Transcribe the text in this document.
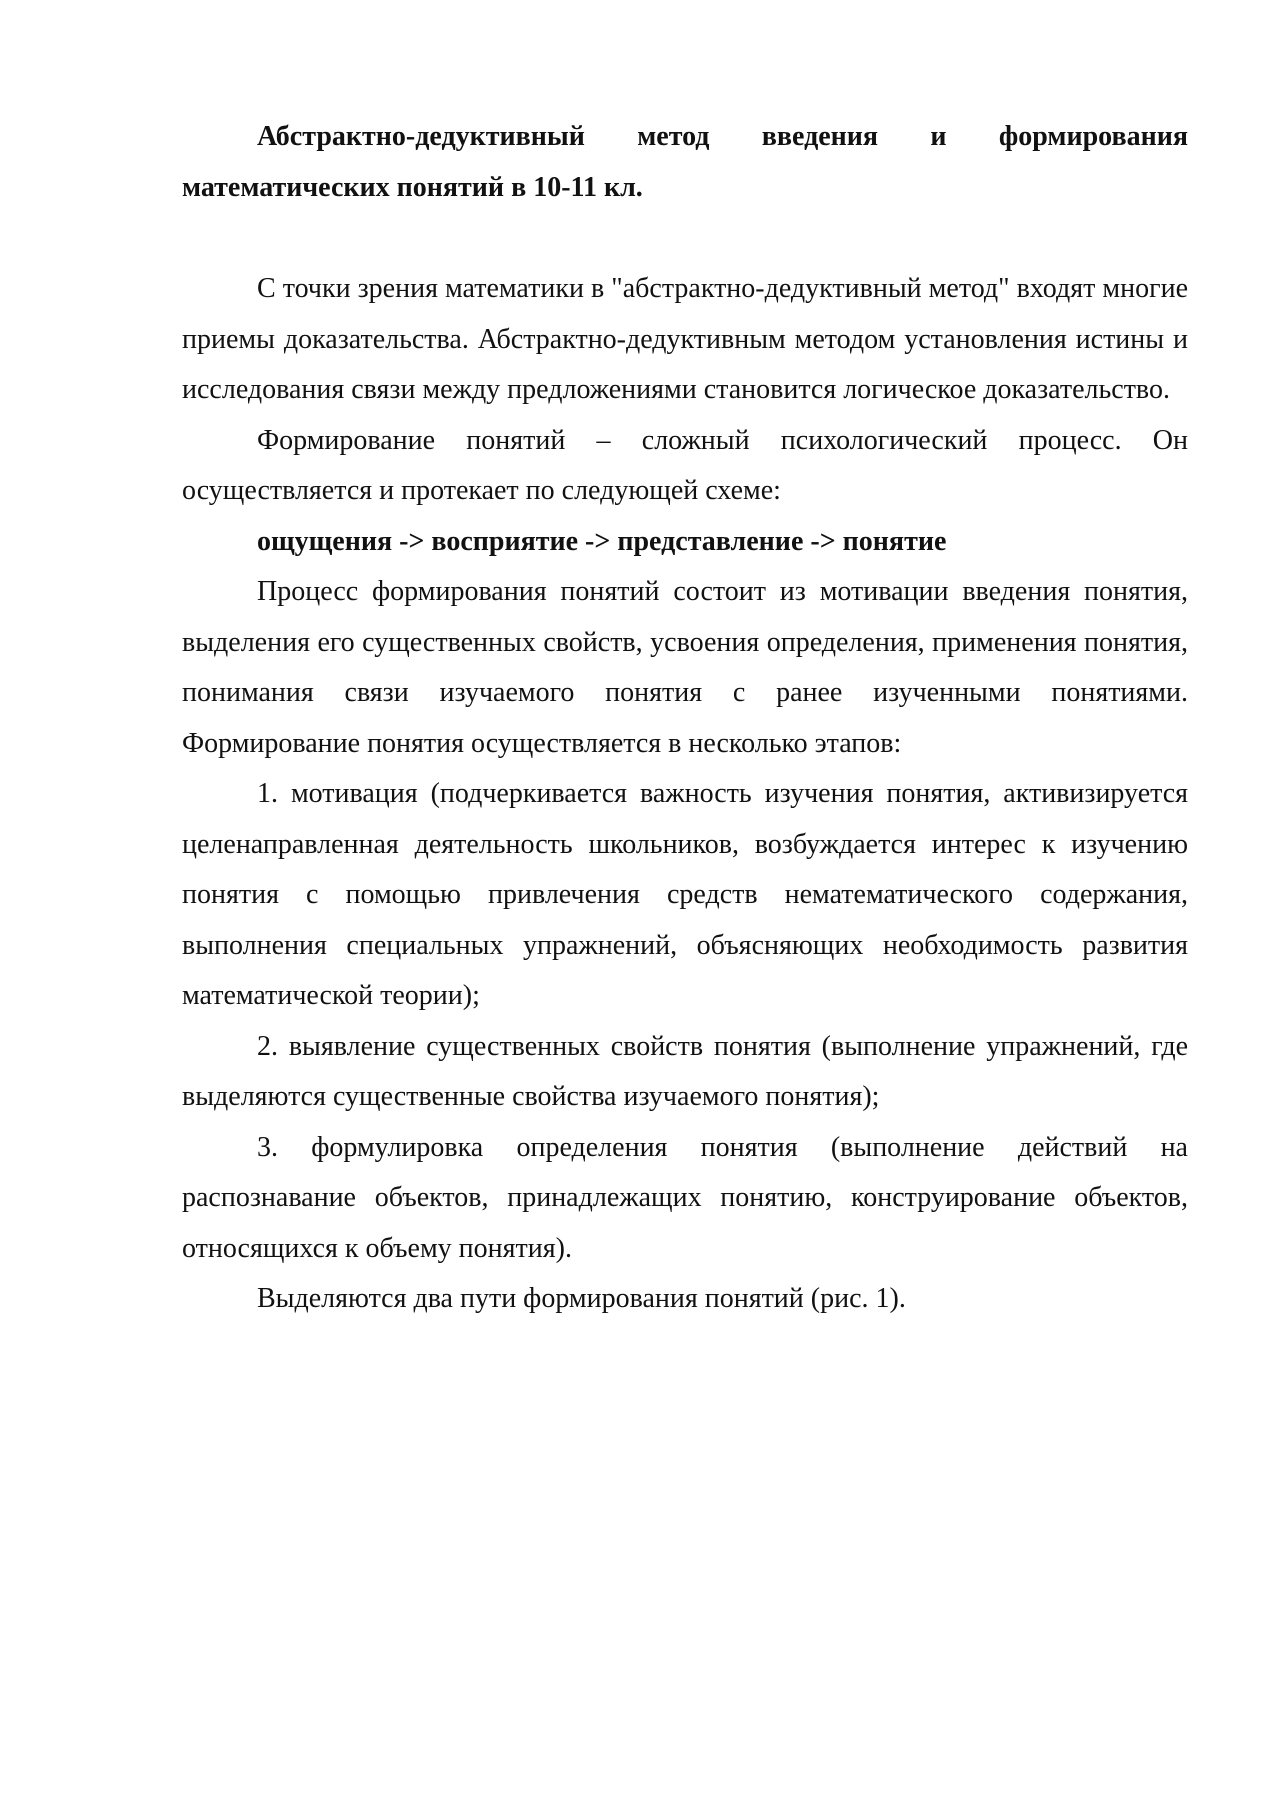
Абстрактно-дедуктивный метод введения и формирования математических понятий в 10-11 кл.

С точки зрения математики в "абстрактно-дедуктивный метод" входят многие приемы доказательства. Абстрактно-дедуктивным методом установления истины и исследования связи между предложениями становится логическое доказательство.

Формирование понятий – сложный психологический процесс. Он осуществляется и протекает по следующей схеме:

ощущения -> восприятие -> представление -> понятие

Процесс формирования понятий состоит из мотивации введения понятия, выделения его существенных свойств, усвоения определения, применения понятия, понимания связи изучаемого понятия с ранее изученными понятиями. Формирование понятия осуществляется в несколько этапов:

1. мотивация (подчеркивается важность изучения понятия, активизируется целенаправленная деятельность школьников, возбуждается интерес к изучению понятия с помощью привлечения средств нематематического содержания, выполнения специальных упражнений, объясняющих необходимость развития математической теории);

2. выявление существенных свойств понятия (выполнение упражнений, где выделяются существенные свойства изучаемого понятия);

3. формулировка определения понятия (выполнение действий на распознавание объектов, принадлежащих понятию, конструирование объектов, относящихся к объему понятия).

Выделяются два пути формирования понятий (рис. 1).
